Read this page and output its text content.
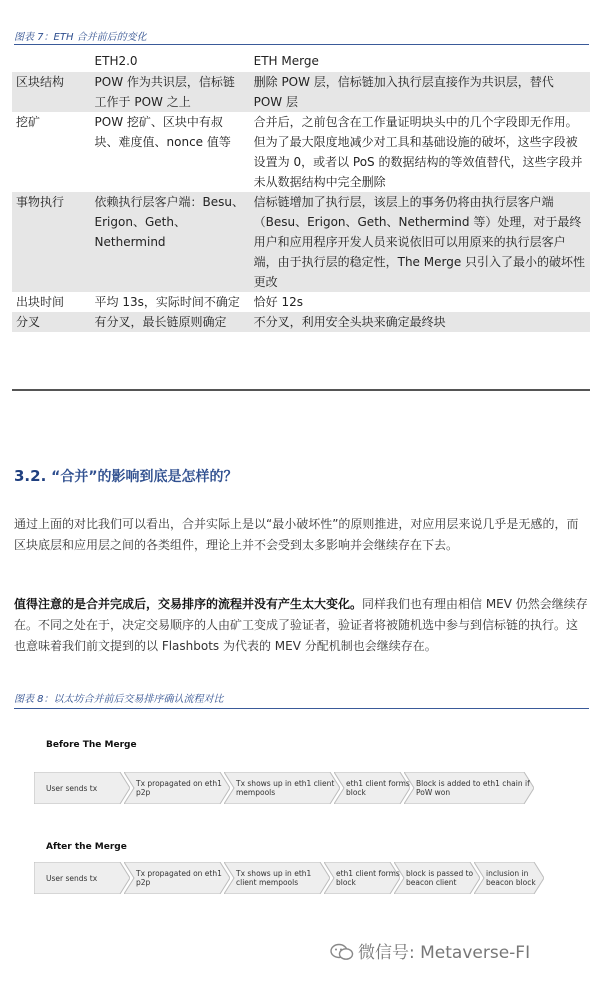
图表 7：ETH 合并前后的变化
	ETH2.0	ETH Merge
区块结构	POW 作为共识层，信标链工作于 POW 之上	删除 POW 层，信标链加入执行层直接作为共识层，替代 POW 层
挖矿	POW 挖矿、区块中有叔块、难度值、nonce 值等	合并后，之前包含在工作量证明块头中的几个字段即无作用。但为了最大限度地减少对工具和基础设施的破坏，这些字段被设置为 0，或者以 PoS 的数据结构的等效值替代，这些字段并未从数据结构中完全删除
事物执行	依赖执行层客户端：Besu、Erigon、Geth、Nethermind	信标链增加了执行层，该层上的事务仍将由执行层客户端（Besu、Erigon、Geth、Nethermind 等）处理，对于最终用户和应用程序开发人员来说依旧可以用原来的执行层客户端，由于执行层的稳定性，The Merge 只引入了最小的破坏性更改
出块时间	平均 13s，实际时间不确定	恰好 12s
分叉	有分叉，最长链原则确定	不分叉，利用安全头块来确定最终块
3.2. “合并”的影响到底是怎样的？
通过上面的对比我们可以看出，合并实际上是以“最小破坏性”的原则推进，对应用层来说几乎是无感的，而区块底层和应用层之间的各类组件，理论上并不会受到太多影响并会继续存在下去。
值得注意的是合并完成后，交易排序的流程并没有产生太大变化。同样我们也有理由相信 MEV 仍然会继续存在。不同之处在于，决定交易顺序的人由矿工变成了验证者，验证者将被随机选中参与到信标链的执行。这也意味着我们前文提到的以 Flashbots 为代表的 MEV 分配机制也会继续存在。
图表 8：以太坊合并前后交易排序确认流程对比
Before The Merge
User sends tx	Tx propagated on eth1 p2p
Tx shows up in eth1 client mempools
eth1 client forms block
Block is added to eth1 chain if PoW won
After the Merge
User sends tx	Tx propagated on eth1 p2p
Tx shows up in eth1 client mempools
eth1 client forms block
block is passed to beacon client
inclusion in beacon block
微信号: Metaverse-FI
